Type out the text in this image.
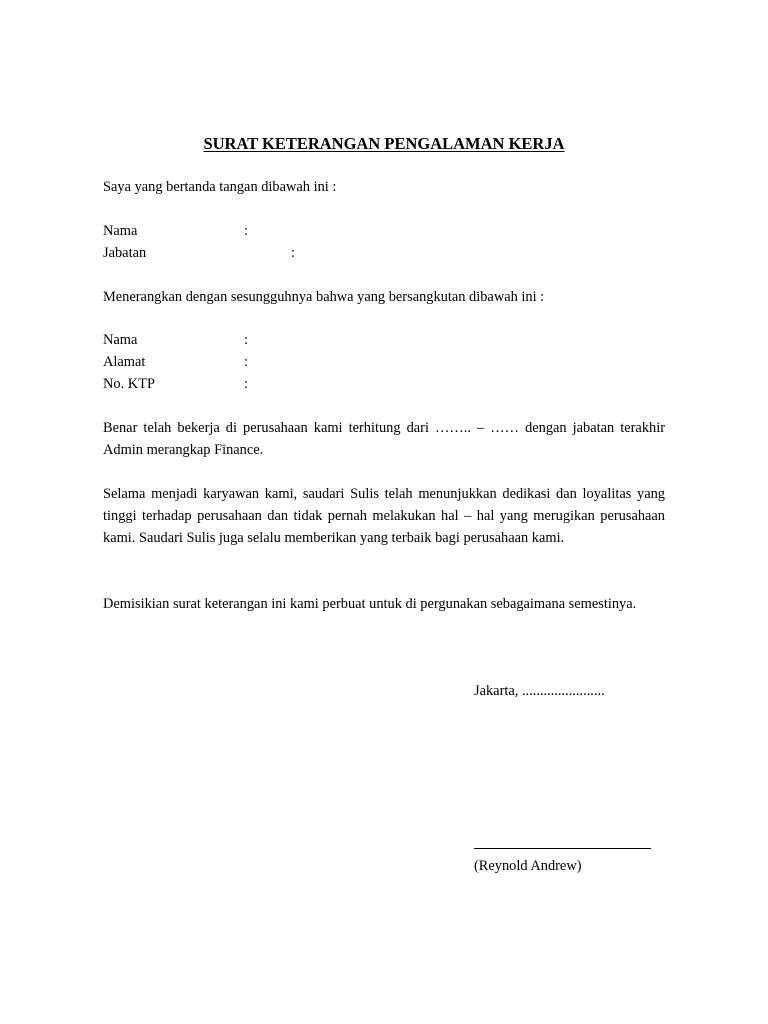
SURAT KETERANGAN PENGALAMAN KERJA
Saya yang bertanda tangan dibawah ini :
Nama	:
Jabatan	:
Menerangkan dengan sesungguhnya bahwa yang bersangkutan dibawah ini :
Nama	:
Alamat	:
No. KTP	:

Benar telah bekerja di perusahaan kami terhitung dari …….. – …… dengan jabatan terakhir Admin merangkap Finance.

Selama menjadi karyawan kami, saudari Sulis telah menunjukkan dedikasi dan loyalitas yang tinggi terhadap perusahaan dan tidak pernah melakukan hal – hal yang merugikan perusahaan kami. Saudari Sulis juga selalu memberikan yang terbaik bagi perusahaan kami.

Demisikian surat keterangan ini kami perbuat untuk di pergunakan sebagaimana semestinya.

Jakarta, .......................
(Reynold Andrew)
